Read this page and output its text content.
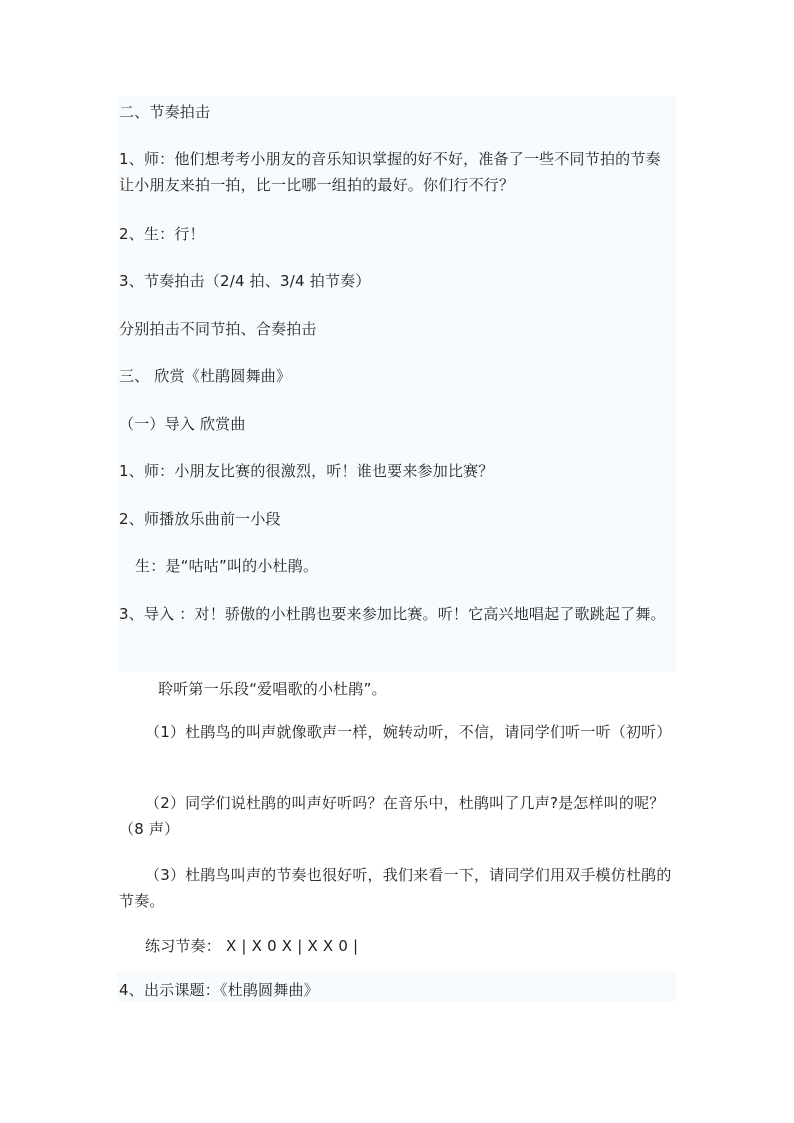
二、节奏拍击
1、师：他们想考考小朋友的音乐知识掌握的好不好，准备了一些不同节拍的节奏让小朋友来拍一拍，比一比哪一组拍的最好。你们行不行？
2、生：行！
3、节奏拍击（2/4 拍、3/4 拍节奏）
分别拍击不同节拍、合奏拍击
三、 欣赏《杜鹃圆舞曲》
（一）导入 欣赏曲
1、师：小朋友比赛的很激烈，听！谁也要来参加比赛？
2、师播放乐曲前一小段
生：是“咕咕”叫的小杜鹃。
3、导入 ：对！骄傲的小杜鹃也要来参加比赛。听！它高兴地唱起了歌跳起了舞。
聆听第一乐段“爱唱歌的小杜鹃”。
（1）杜鹃鸟的叫声就像歌声一样，婉转动听，不信，请同学们听一听（初听）
（2）同学们说杜鹃的叫声好听吗？在音乐中，杜鹃叫了几声?是怎样叫的呢？（8 声）
（3）杜鹃鸟叫声的节奏也很好听，我们来看一下，请同学们用双手模仿杜鹃的节奏。
练习节奏： X | X 0 X | X X 0 |
4、出示课题：《杜鹃圆舞曲》
